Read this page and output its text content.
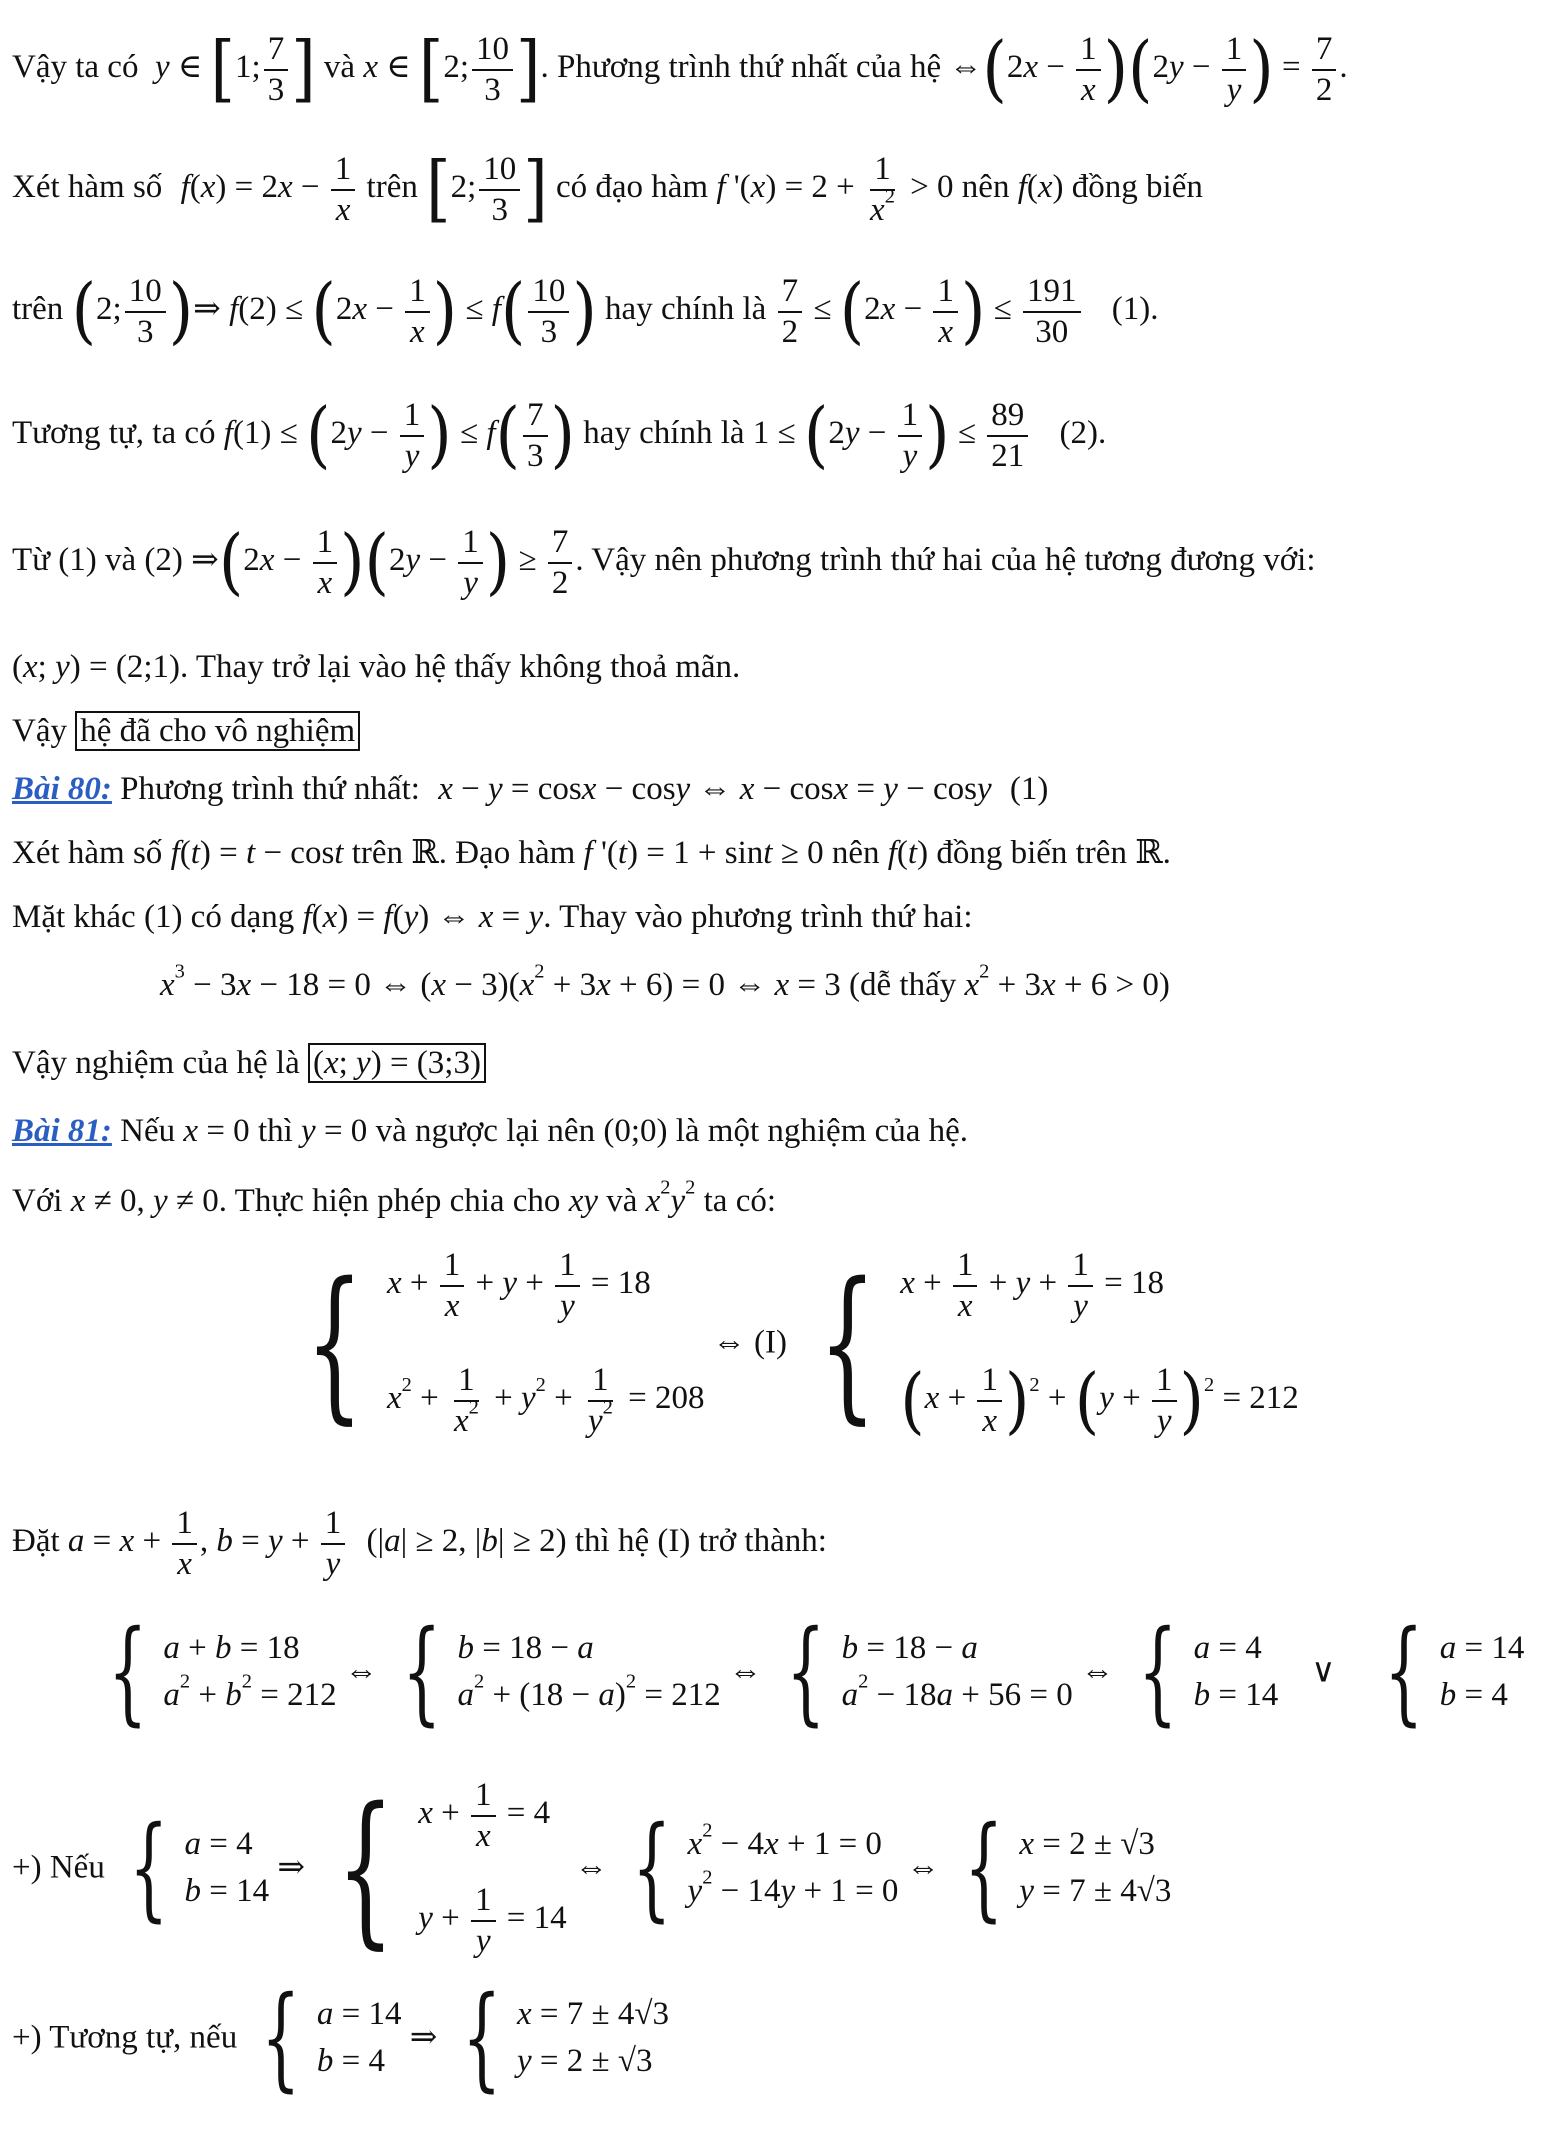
Vậy ta có  y ∈ [1; $\frac{7}{3}$ ] và x ∈ [2; $\frac{10}{3}$ ]. Phương trình thứ nhất của hệ ⇔(2x − $\frac{1}{x} )(2y - \frac{1}{y}$ ) = $\frac{7}{2}$ .
Xét hàm số $f(x) = 2x - \frac{1}{x}$ trên [2; $\frac{10}{3}$ ] có đạo hàm f '$(x) = 2 + \frac{1}{x^2} > 0$ nên f(x) đồng biến
trên (2; $\frac{10}{3}$ )⇒ $f(2) \le (2x - \frac{1}{x}$ ) ≤ $f( \frac{10}{3}$ ) hay chính là $\frac{7}{2} \le (2x - \frac{1}{x}$ ) ≤ $\frac{191}{30} (1)$.
Tương tự, ta có $f(1) \le (2y - \frac{1}{y}$ ) ≤ $f( \frac{7}{3}$ ) hay chính là $1 \le (2y - \frac{1}{y}$ ) ≤ $\frac{89}{21} (2)$.
Từ (1) và (2) ⇒(2x − $\frac{1}{x} )(2y - \frac{1}{y}$ ) ≥ $\frac{7}{2}$ . Vậy nên phương trình thứ hai của hệ tương đương với:
(x; y) = (2;1). Thay trở lại vào hệ thấy không thoả mãn.
Vậy hệ đã cho vô nghiệm
Bài 80: Phương trình thứ nhất: x − y = cosx − cosy ⇔ x − cosx = y − cosy (1)
Xét hàm số f(t) = t − cost trên ℝ. Đạo hàm f '(t) = 1 + sint ≥ 0 nên f(t) đồng biến trên ℝ.
Mặt khác (1) có dạng f(x) = f(y) ⇔ x = y. Thay vào phương trình thứ hai:
$x^3 - 3x - 18 = 0$ ⇔ $(x - 3)(x^2 + 3x + 6) = 0$ ⇔ x = 3 (dễ thấy $x^2 + 3x + 6 > 0$)
Vậy nghiệm của hệ là (x; y) = (3;3)
Bài 81: Nếu x = 0 thì y = 0 và ngược lại nên (0;0) là một nghiệm của hệ.
Với x ≠ 0, y ≠ 0. Thực hiện phép chia cho xy và $x^2y^2$ ta có:
{ $x + \frac{1}{x} + y + \frac{1}{y} = 18$
$x^2 + \frac{1}{x^2} + y^2 + \frac{1}{y^2} = 208$
⇔ (I) { $x + \frac{1}{x} + y + \frac{1}{y} = 18$
$(x + \frac{1}{x} )^2 + (y + \frac{1}{y} )^2 = 212$
Đặt $a = x + \frac{1}{x}$ , $b = y + \frac{1}{y} (|a| \ge 2$, |b| ≥ 2) thì hệ (I) trở thành:
{ a + b = 18
$a^2 + b^2 = 212$
⇔ { b = 18 − a
$a^2 + (18 - a)^2 = 212$
⇔ { b = 18 − a
$a^2 - 18a + 56 = 0$
⇔ { a = 4
b = 14
∨ { a = 14
b = 4
+) Nếu { a = 4
b = 14
⇒ { $x + \frac{1}{x} = 4$
$y + \frac{1}{y} = 14$
⇔ { $x^2 - 4x + 1 = 0$
$y^2 - 14y + 1 = 0$
⇔ { x = 2 ± √3
y = 7 ± 4√3
+) Tương tự, nếu { a = 14
b = 4
⇒ { x = 7 ± 4√3
y = 2 ± √3
